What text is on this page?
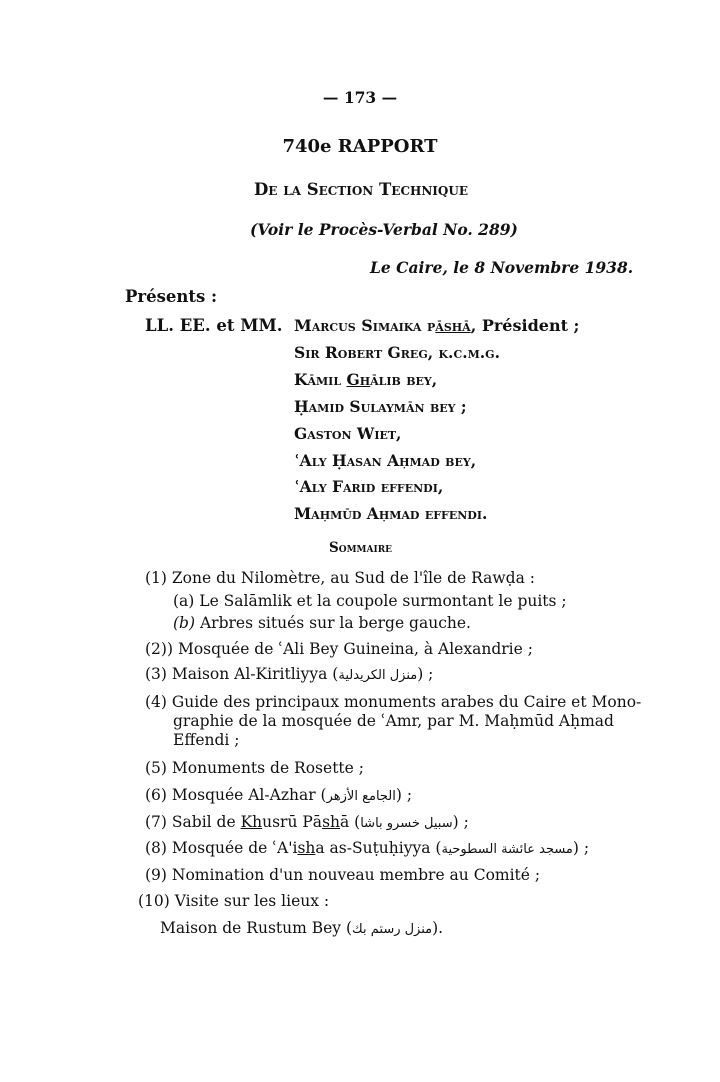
— 173 —
740e RAPPORT
De la Section Technique
(Voir le Procès-Verbal No. 289)
Le Caire, le 8 Novembre 1938.
Présents :
LL. EE. et MM. Marcus Simaika pāshā, Président ;
Sir Robert Greg, k.c.m.g.
Kāmil Ghālib bey,
Ḥamid Sulaymān bey ;
Gaston Wiet,
ʿAly Ḥasan Aḥmad bey,
ʿAly Farid effendi,
Maḥmūd Aḥmad effendi.
Sommaire
(1) Zone du Nilomètre, au Sud de l'île de Rawḍa :
(a) Le Salāmlik et la coupole surmontant le puits ;
(b) Arbres situés sur la berge gauche.
(2)) Mosquée de ʿAli Bey Guineina, à Alexandrie ;
(3) Maison Al-Kiritliyya (منزل الكريدلية) ;
(4) Guide des principaux monuments arabes du Caire et Mono-
graphie de la mosquée de ʿAmr, par M. Maḥmūd Aḥmad
Effendi ;
(5) Monuments de Rosette ;
(6) Mosquée Al-Azhar (الجامع الأزهر) ;
(7) Sabil de Khusrū Pāshā (سبيل خسرو باشا) ;
(8) Mosquée de ʿA'isha as-Suṭuḥiyya (مسجد عائشة السطوحية) ;
(9) Nomination d'un nouveau membre au Comité ;
(10) Visite sur les lieux :
Maison de Rustum Bey (منزل رستم بك).
